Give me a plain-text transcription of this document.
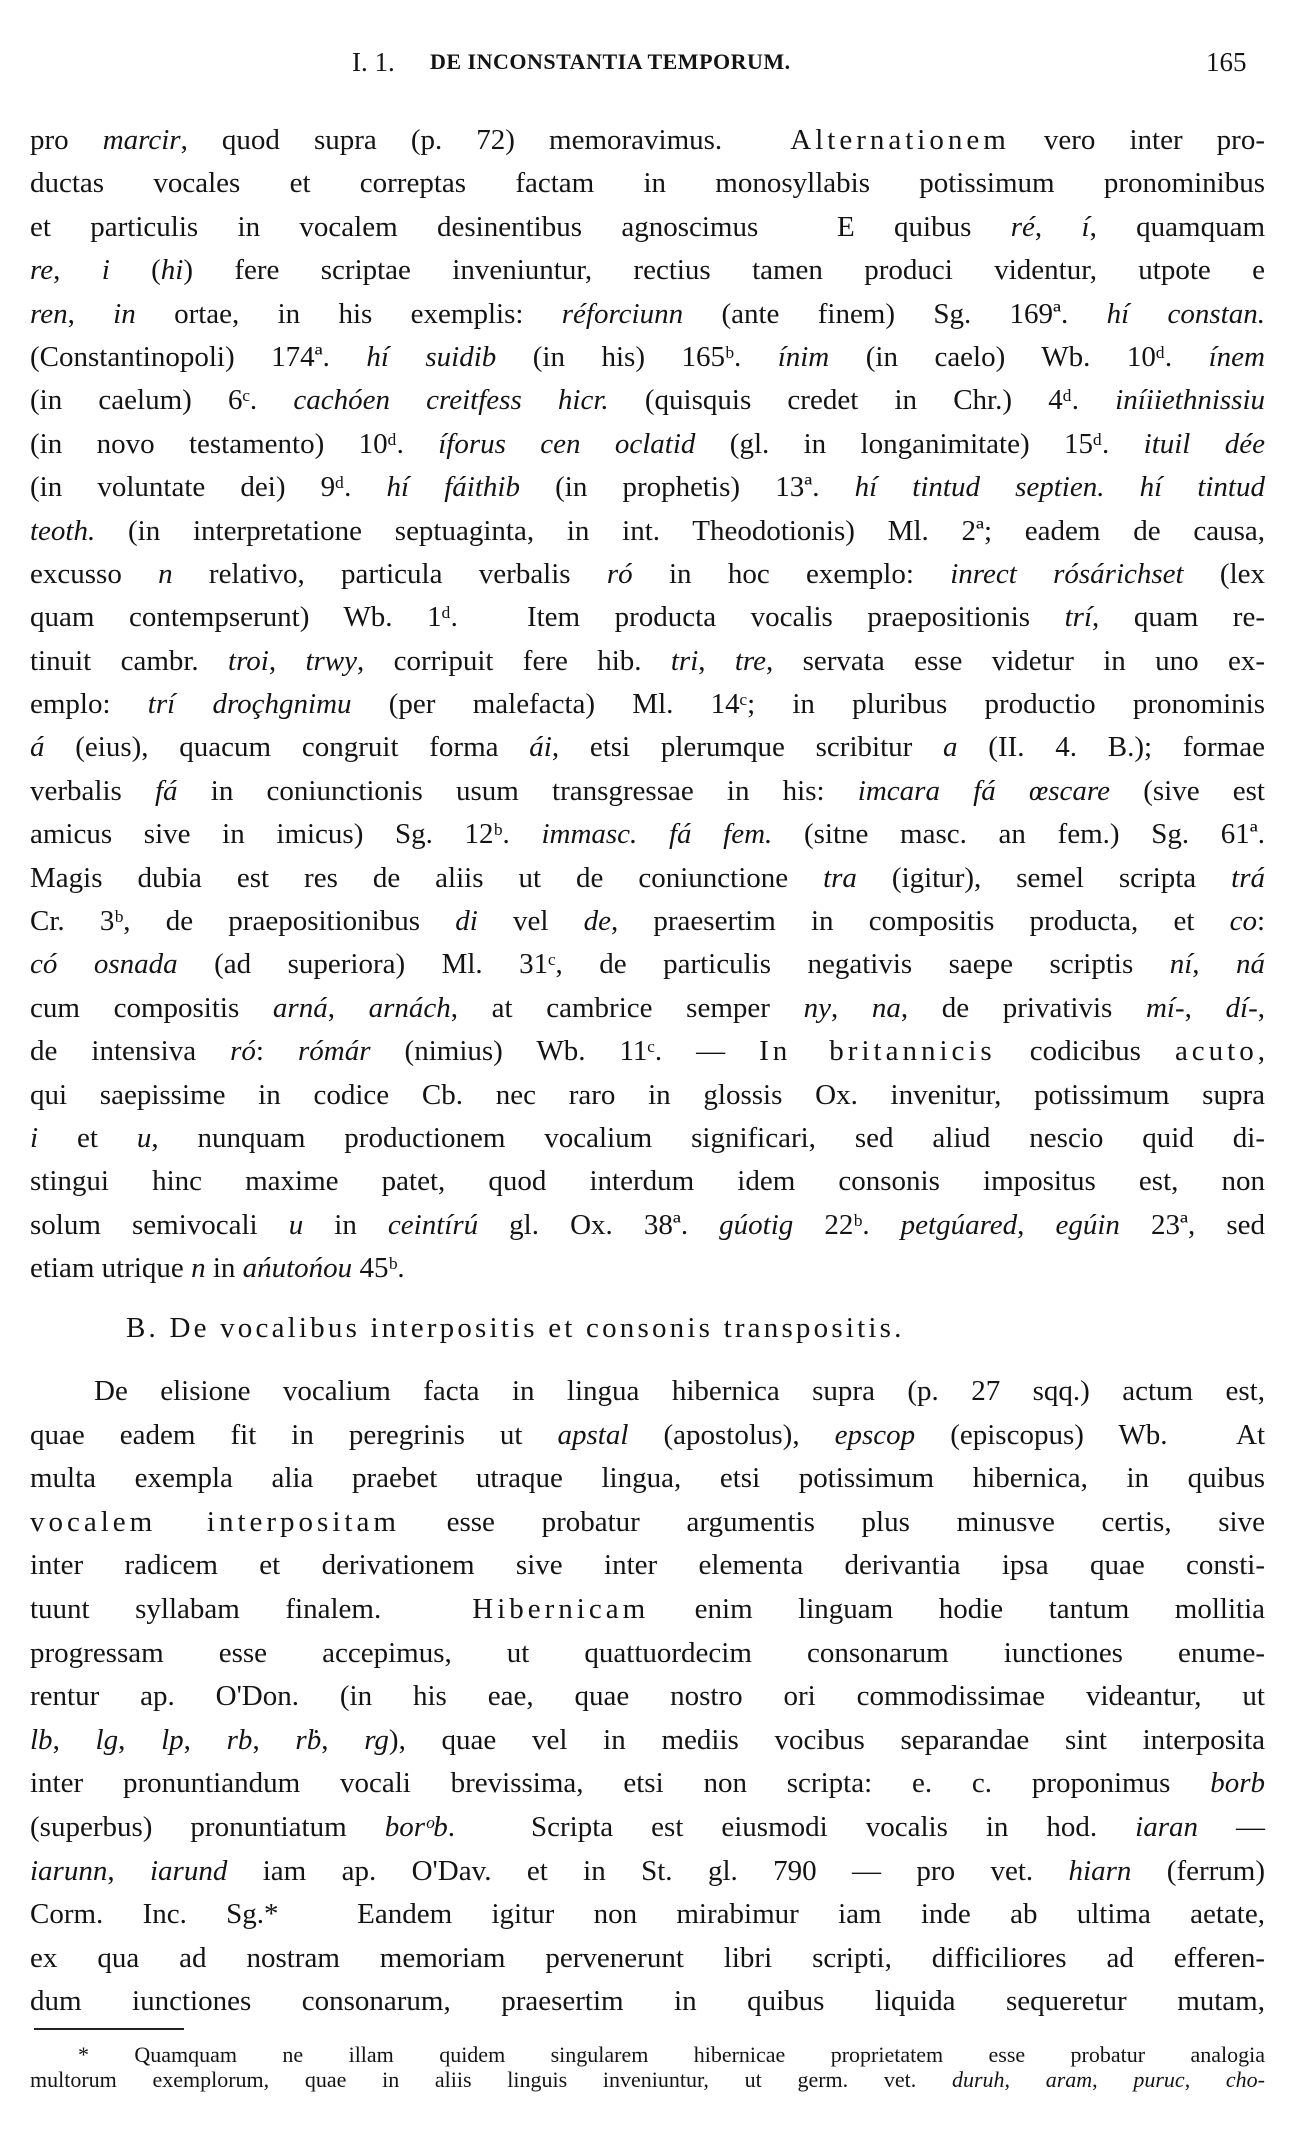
I. 1. DE INCONSTANTIA TEMPORUM.	165
pro marcir, quod supra (p. 72) memoravimus.  Alternationem vero inter pro-
ductas vocales et correptas factam in monosyllabis potissimum pronominibus
et particulis in vocalem desinentibus agnoscimus  E quibus ré, í, quamquam
re, i (hi) fere scriptae inveniuntur, rectius tamen produci videntur, utpote e
ren, in ortae, in his exemplis: réforciunn (ante finem) Sg. 169ª. hí constan.
(Constantinopoli) 174ª. hí suidib (in his) 165ᵇ. ínim (in caelo) Wb. 10ᵈ. ínem
(in caelum) 6ᶜ. cachóen creitfess hicr. (quisquis credet in Chr.) 4ᵈ. iníiiethnissiu
(in novo testamento) 10ᵈ. íforus cen oclatid (gl. in longanimitate) 15ᵈ. ituil dée
(in voluntate dei) 9ᵈ. hí fáithib (in prophetis) 13ª. hí tintud septien. hí tintud
teoth. (in interpretatione septuaginta, in int. Theodotionis) Ml. 2ª; eadem de causa,
excusso n relativo, particula verbalis ró in hoc exemplo: inrect rósárichset (lex
quam contempserunt) Wb. 1ᵈ.  Item producta vocalis praepositionis trí, quam re-
tinuit cambr. troi, trwy, corripuit fere hib. tri, tre, servata esse videtur in uno ex-
emplo: trí droçhgnimu (per malefacta) Ml. 14ᶜ; in pluribus productio pronominis
á (eius), quacum congruit forma ái, etsi plerumque scribitur a (II. 4. B.); formae
verbalis fá in coniunctionis usum transgressae in his: imcara fá œscare (sive est
amicus sive in imicus) Sg. 12ᵇ. immasc. fá fem. (sitne masc. an fem.) Sg. 61ª.
Magis dubia est res de aliis ut de coniunctione tra (igitur), semel scripta trá
Cr. 3ᵇ, de praepositionibus di vel de, praesertim in compositis producta, et co:
có osnada (ad superiora) Ml. 31ᶜ, de particulis negativis saepe scriptis ní, ná
cum compositis arná, arnách, at cambrice semper ny, na, de privativis mí-, dí-,
de intensiva ró: rómár (nimius) Wb. 11ᶜ. — In britannicis codicibus acuto,
qui saepissime in codice Cb. nec raro in glossis Ox. invenitur, potissimum supra
i et u, nunquam productionem vocalium significari, sed aliud nescio quid di-
stingui hinc maxime patet, quod interdum idem consonis impositus est, non
solum semivocali u in ceintírú gl. Ox. 38ª. gúotig 22ᵇ. petgúared, egúin 23ª, sed
etiam utrique n in ańutońou 45ᵇ.
B. De vocalibus interpositis et consonis transpositis.
De elisione vocalium facta in lingua hibernica supra (p. 27 sqq.) actum est,
quae eadem fit in peregrinis ut apstal (apostolus), epscop (episcopus) Wb.  At
multa exempla alia praebet utraque lingua, etsi potissimum hibernica, in quibus
vocalem interpositam esse probatur argumentis plus minusve certis, sive
inter radicem et derivationem sive inter elementa derivantia ipsa quae consti-
tuunt syllabam finalem.  Hibernicam enim linguam hodie tantum mollitia
progressam esse accepimus, ut quattuordecim consonarum iunctiones enume-
rentur ap. O'Don. (in his eae, quae nostro ori commodissimae videantur, ut
lb, lg, lp, rb, rḃ, rg), quae vel in mediis vocibus separandae sint interposita
inter pronuntiandum vocali brevissima, etsi non scripta: e. c. proponimus borb
(superbus) pronuntiatum borᵒb.  Scripta est eiusmodi vocalis in hod. iaran —
iarunn, iarund iam ap. O'Dav. et in St. gl. 790 — pro vet. hiarn (ferrum)
Corm. Inc. Sg.*  Eandem igitur non mirabimur iam inde ab ultima aetate,
ex qua ad nostram memoriam pervenerunt libri scripti, difficiliores ad efferen-
dum iunctiones consonarum, praesertim in quibus liquida sequeretur mutam,
* Quamquam ne illam quidem singularem hibernicae proprietatem esse probatur analogia
multorum exemplorum, quae in aliis linguis inveniuntur, ut germ. vet. duruh, aram, puruc, cho-
